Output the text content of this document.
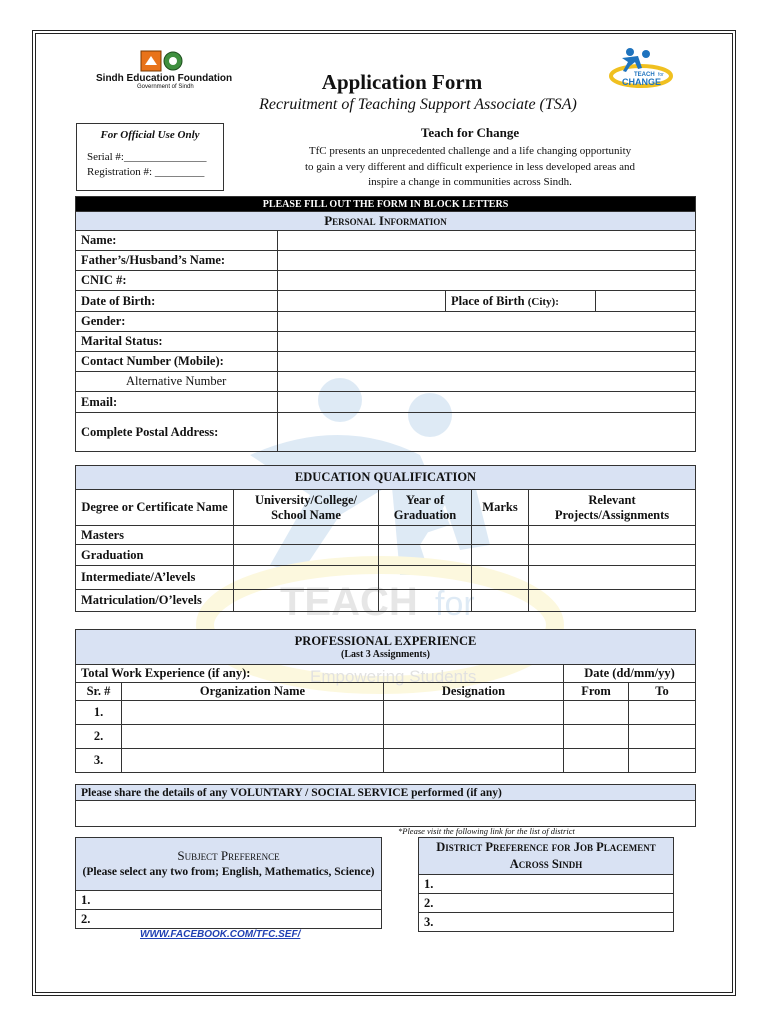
TEACH for
Empowering Students
Sindh Education Foundation
Government of Sindh
TEACH for
CHANGE
Application Form
Recruitment of Teaching Support Associate (TSA)
For Official Use Only
Serial #:_______________
Registration #: _________
Teach for Change
TfC presents an unprecedented challenge and a life changing opportunity
to gain a very different and difficult experience in less developed areas and
inspire a change in communities across Sindh.
PLEASE FILL OUT THE FORM IN BLOCK LETTERS			
Personal Information			
Name:			
Father’s/Husband’s Name:			
CNIC #:			
Date of Birth:		Place of Birth (City):	
Gender:			
Marital Status:			
Contact Number (Mobile):			
Alternative Number			
Email:			
Complete Postal Address:			
EDUCATION QUALIFICATION				
Degree or Certificate Name	University/College/ School Name	Year of Graduation	Marks	Relevant Projects/Assignments
Masters				
Graduation				
Intermediate/A’levels				
Matriculation/O’levels				
PROFESSIONAL EXPERIENCE
(Last 3 Assignments)				

Total Work Experience (if any):			Date (dd/mm/yy)	
Sr. #	Organization Name	Designation	From	To
1.				
2.				
3.				
Please share the details of any VOLUNTARY / SOCIAL SERVICE performed (if any)

*Please visit the following link for the list of district
Subject Preference
(Please select any two from; English, Mathematics, Science)

1.
2.
District Preference for Job Placement Across Sindh
1.
2.
3.
WWW.FACEBOOK.COM/TFC.SEF/
